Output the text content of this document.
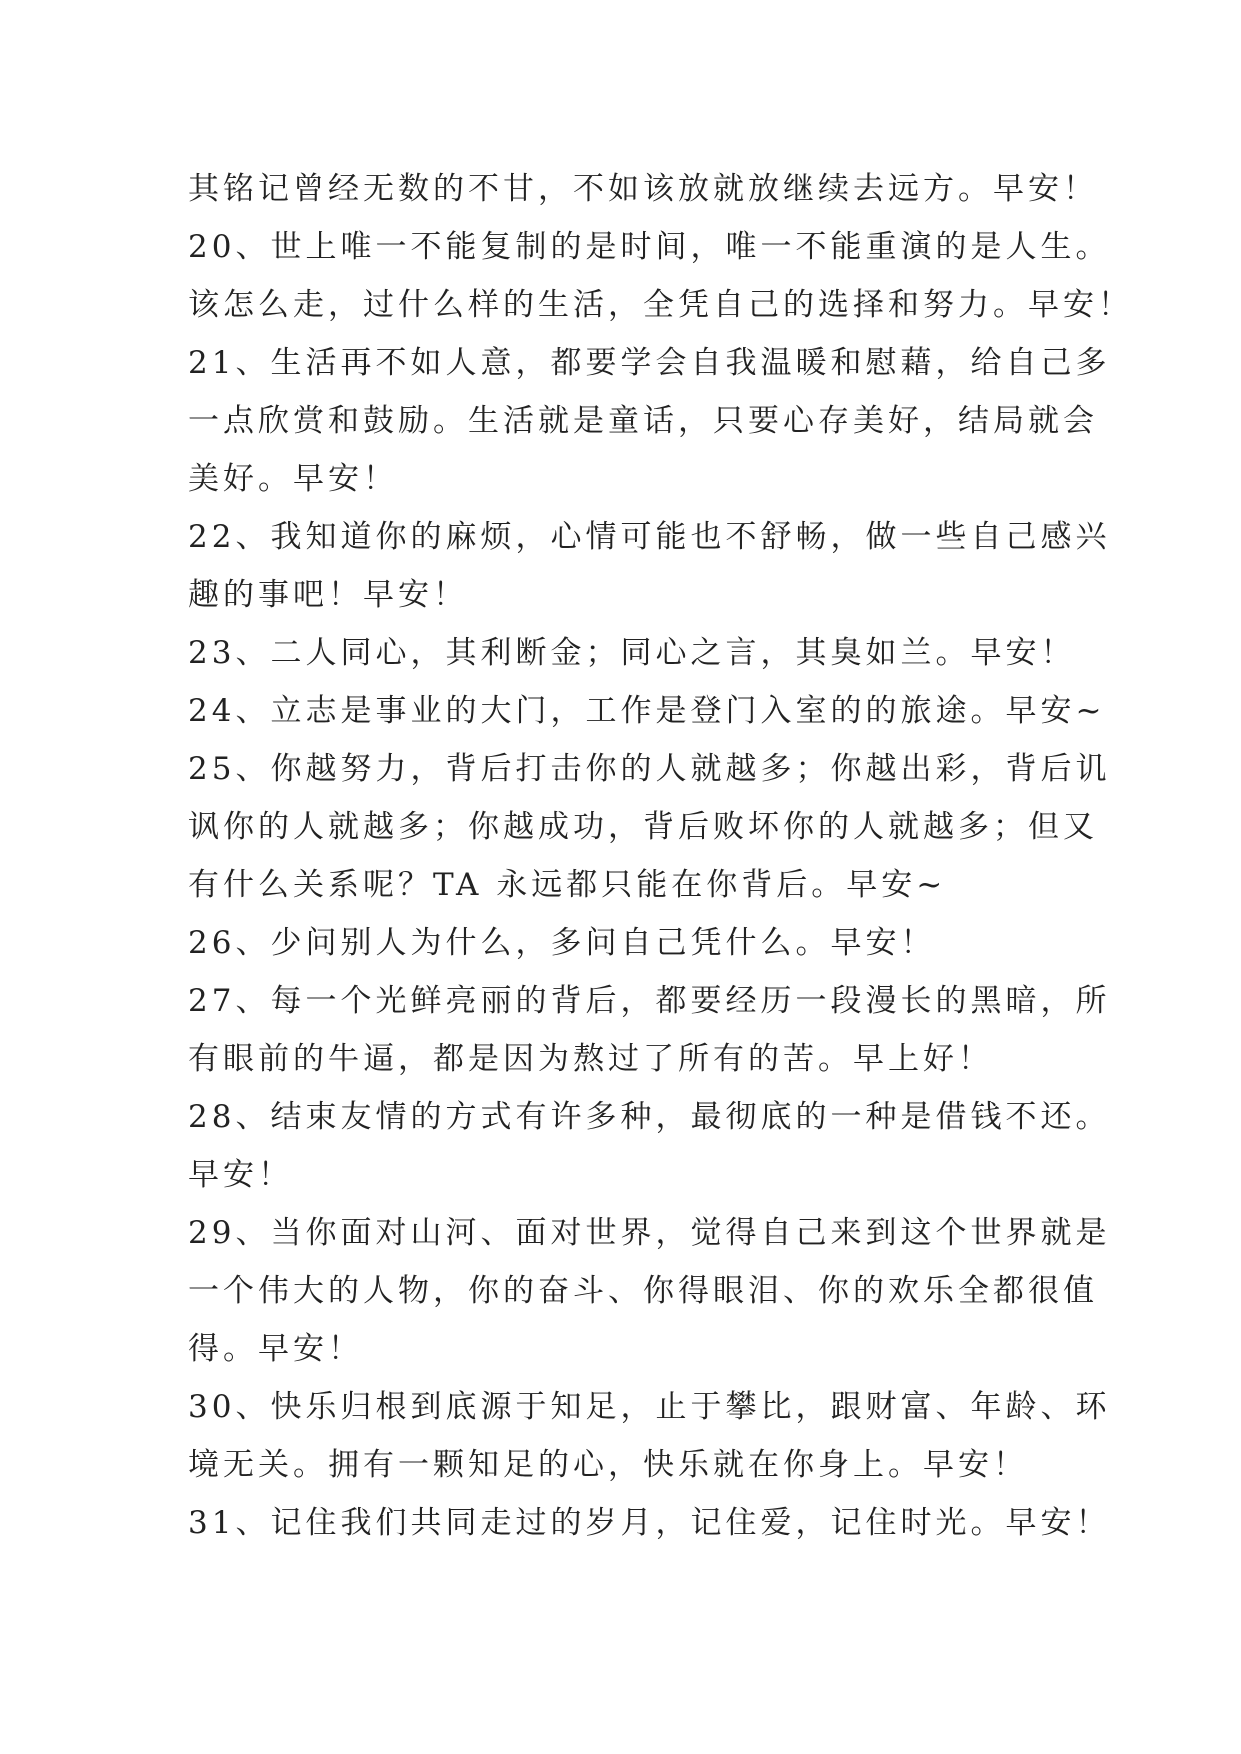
其铭记曾经无数的不甘，不如该放就放继续去远方。早安！

20、世上唯一不能复制的是时间，唯一不能重演的是人生。

该怎么走，过什么样的生活，全凭自己的选择和努力。早安！

21、生活再不如人意，都要学会自我温暖和慰藉，给自己多

一点欣赏和鼓励。生活就是童话，只要心存美好，结局就会

美好。早安！

22、我知道你的麻烦，心情可能也不舒畅，做一些自己感兴

趣的事吧！早安！

23、二人同心，其利断金；同心之言，其臭如兰。早安！

24、立志是事业的大门，工作是登门入室的的旅途。早安~

25、你越努力，背后打击你的人就越多；你越出彩，背后讥

讽你的人就越多；你越成功，背后败坏你的人就越多；但又

有什么关系呢？TA 永远都只能在你背后。早安~

26、少问别人为什么，多问自己凭什么。早安！

27、每一个光鲜亮丽的背后，都要经历一段漫长的黑暗，所

有眼前的牛逼，都是因为熬过了所有的苦。早上好！

28、结束友情的方式有许多种，最彻底的一种是借钱不还。

早安！

29、当你面对山河、面对世界，觉得自己来到这个世界就是

一个伟大的人物，你的奋斗、你得眼泪、你的欢乐全都很值

得。早安！

30、快乐归根到底源于知足，止于攀比，跟财富、年龄、环

境无关。拥有一颗知足的心，快乐就在你身上。早安！

31、记住我们共同走过的岁月，记住爱，记住时光。早安！
